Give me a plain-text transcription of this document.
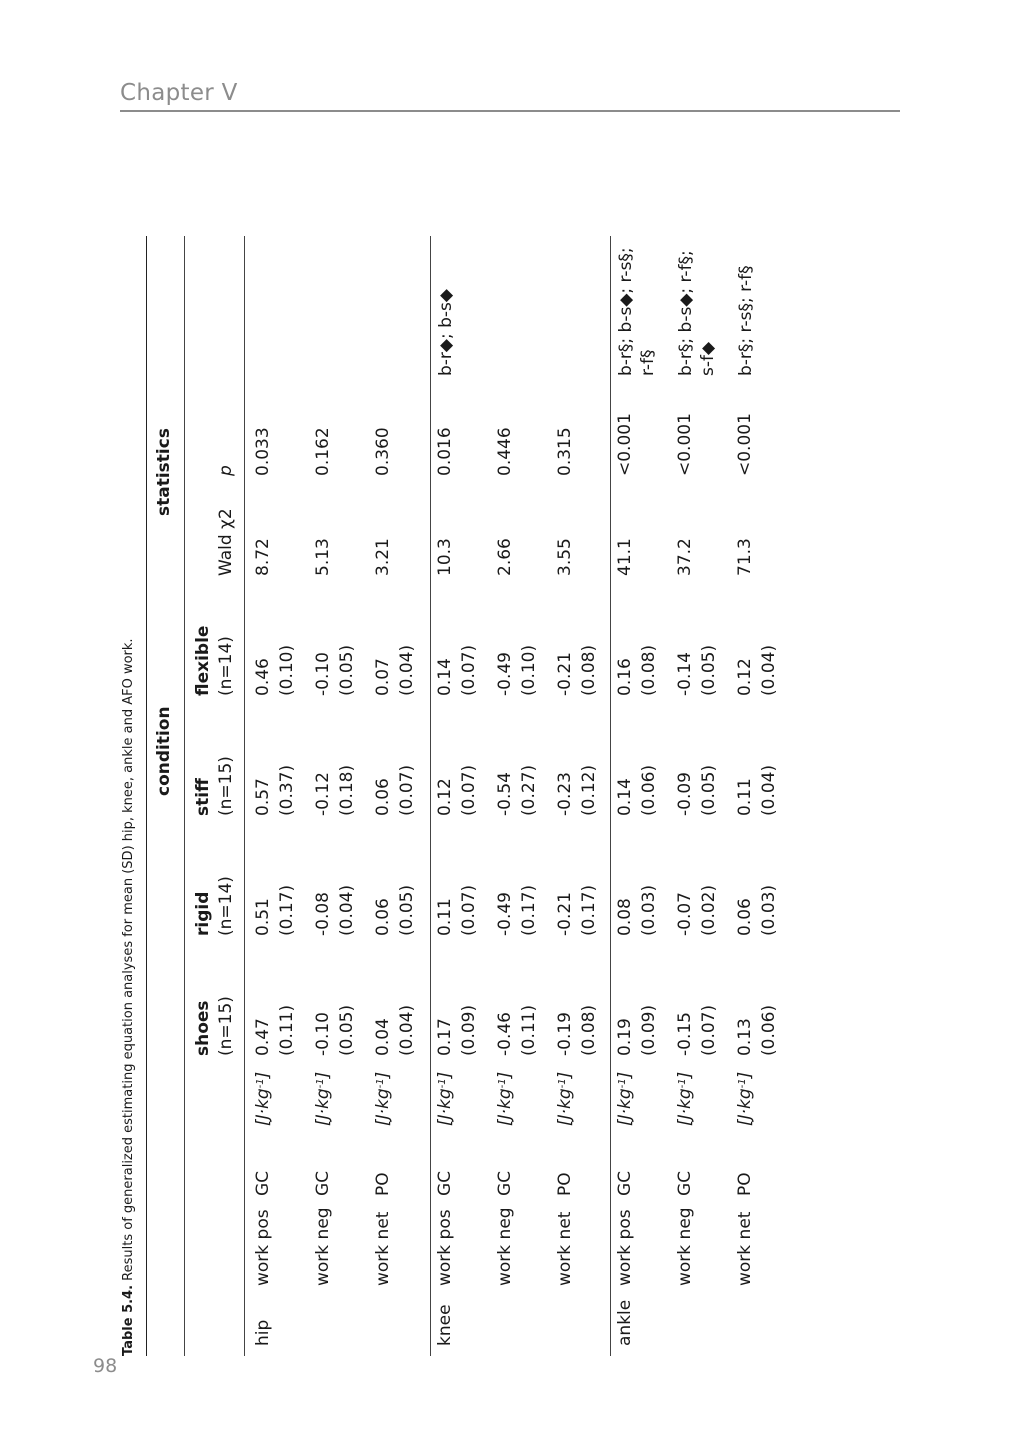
Chapter V
98
Table 5.4. Results of generalized estimating equation analyses for mean (SD) hip, knee, ankle and AFO work. condition
statistics
shoes
rigid
stiff
flexible
(n=15)
(n=14)
(n=15)
(n=14)
Wald χ2
p
hip
work pos
GC
$[J\cdot kg^{-1}]$
0.47 (0.11)
0.51 (0.17)
0.57 (0.37)
0.46 (0.10)
8.72
0.033
work neg
GC
$[J\cdot kg^{-1}]$
-0.10 (0.05)
-0.08 (0.04)
-0.12 (0.18)
-0.10 (0.05)
5.13
0.162
work net
PO
$[J\cdot kg^{-1}]$
0.04 (0.04)
0.06 (0.05)
0.06 (0.07)
0.07 (0.04)
3.21
0.360
knee
work pos
GC
$[J\cdot kg^{-1}]$
0.17 (0.09)
0.11 (0.07)
0.12 (0.07)
0.14 (0.07)
10.3
0.016
b-r◆; b-s◆
work neg
GC
$[J\cdot kg^{-1}]$
-0.46 (0.11)
-0.49 (0.17)
-0.54 (0.27)
-0.49 (0.10)
2.66
0.446
work net
PO
$[J\cdot kg^{-1}]$
-0.19 (0.08)
-0.21 (0.17)
-0.23 (0.12)
-0.21 (0.08)
3.55
0.315
ankle
work pos
GC
$[J\cdot kg^{-1}]$
0.19 (0.09)
0.08 (0.03)
0.14 (0.06)
0.16 (0.08)
41.1
<0.001
b-r§; b-s◆; r-s§; r-f§
work neg
GC
$[J\cdot kg^{-1}]$
-0.15 (0.07)
-0.07 (0.02)
-0.09 (0.05)
-0.14 (0.05)
37.2
<0.001
b-r§; b-s◆; r-f§; s-f◆
work net
PO
$[J\cdot kg^{-1}]$
0.13 (0.06)
0.06 (0.03)
0.11 (0.04)
0.12 (0.04)
71.3
<0.001
b-r§; r-s§; r-f§
